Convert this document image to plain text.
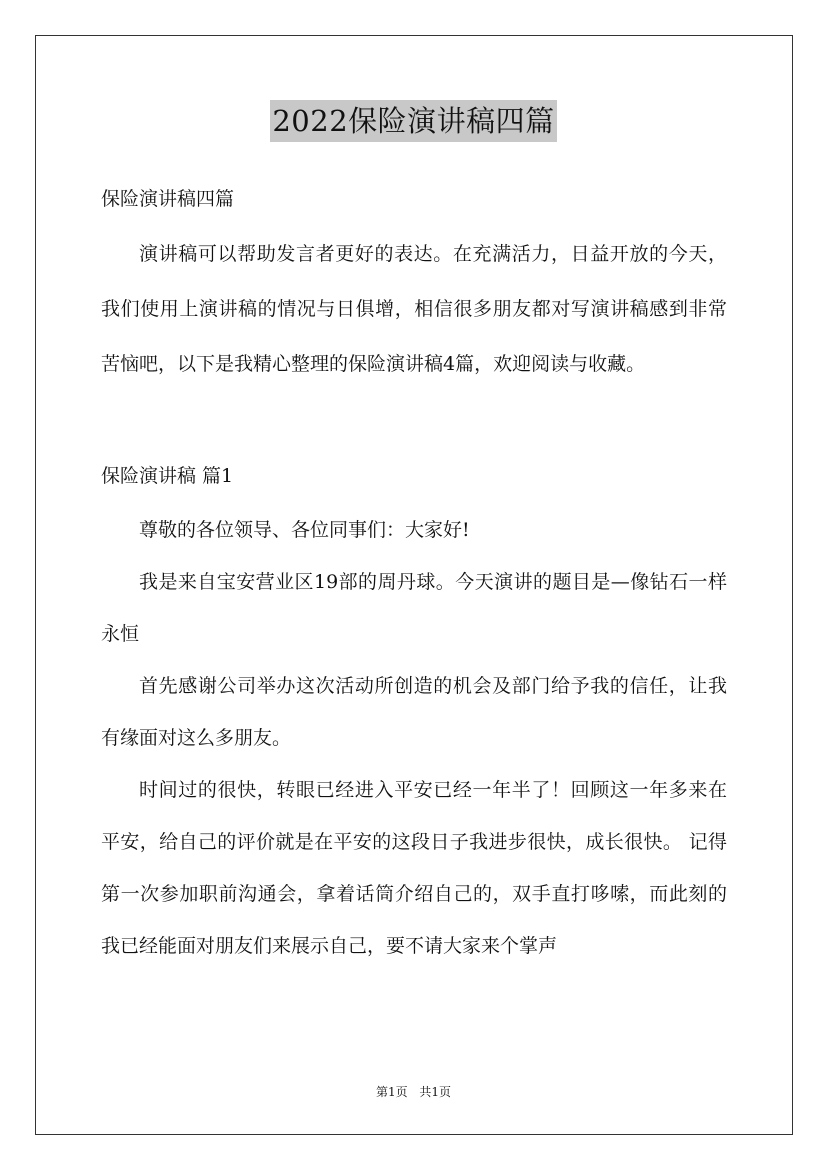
2022保险演讲稿四篇

保险演讲稿四篇

演讲稿可以帮助发言者更好的表达。在充满活力，日益开放的今天，我们使用上演讲稿的情况与日俱增，相信很多朋友都对写演讲稿感到非常苦恼吧，以下是我精心整理的保险演讲稿4篇，欢迎阅读与收藏。

保险演讲稿 篇1

尊敬的各位领导、各位同事们：大家好!

我是来自宝安营业区19部的周丹球。今天演讲的题目是—像钻石一样永恒

首先感谢公司举办这次活动所创造的机会及部门给予我的信任，让我有缘面对这么多朋友。

时间过的很快，转眼已经进入平安已经一年半了！回顾这一年多来在平安，给自己的评价就是在平安的这段日子我进步很快，成长很快。 记得第一次参加职前沟通会，拿着话筒介绍自己的，双手直打哆嗦，而此刻的我已经能面对朋友们来展示自己，要不请大家来个掌声

第1页 共1页
